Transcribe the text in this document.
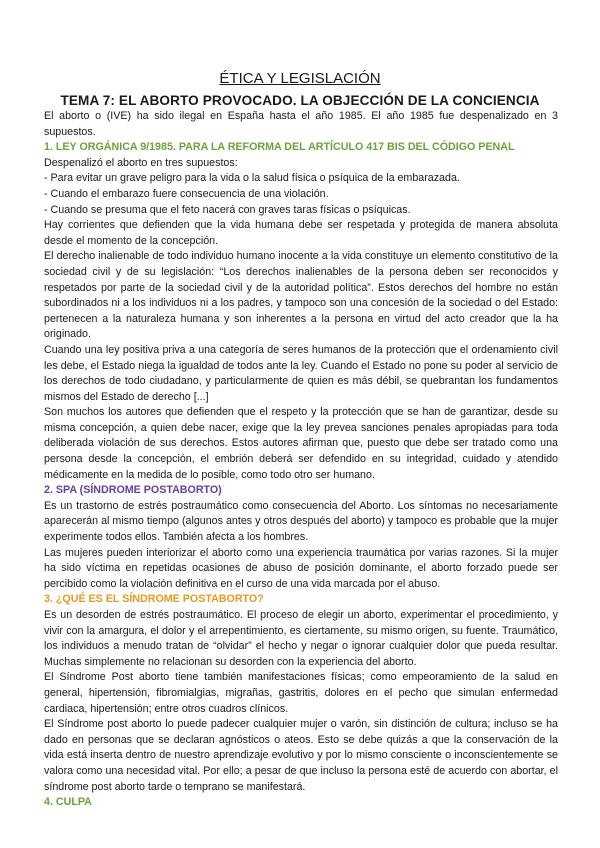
ÉTICA Y LEGISLACIÓN
TEMA 7: EL ABORTO PROVOCADO. LA OBJECCIÓN DE LA CONCIENCIA

El aborto o (IVE) ha sido ilegal en España hasta el año 1985. El año 1985 fue despenalizado en 3 supuestos.

1. LEY ORGÁNICA 9/1985. PARA LA REFORMA DEL ARTÍCULO 417 BIS DEL CÓDIGO PENAL

Despenalizó el aborto en tres supuestos:

- Para evitar un grave peligro para la vida o la salud física o psíquica de la embarazada.

- Cuando el embarazo fuere consecuencia de una violación.

- Cuando se presuma que el feto nacerá con graves taras físicas o psíquicas.

Hay corrientes que defienden que la vida humana debe ser respetada y protegida de manera absoluta desde el momento de la concepción.

El derecho inalienable de todo individuo humano inocente a la vida constituye un elemento constitutivo de la sociedad civil y de su legislación: “Los derechos inalienables de la persona deben ser reconocidos y respetados por parte de la sociedad civil y de la autoridad política”. Estos derechos del hombre no están subordinados ni a los individuos ni a los padres, y tampoco son una concesión de la sociedad o del Estado: pertenecen a la naturaleza humana y son inherentes a la persona en virtud del acto creador que la ha originado.

Cuando una ley positiva priva a una categoría de seres humanos de la protección que el ordenamiento civil les debe, el Estado niega la igualdad de todos ante la ley. Cuando el Estado no pone su poder al servicio de los derechos de todo ciudadano, y particularmente de quien es más débil, se quebrantan los fundamentos mismos del Estado de derecho [...]

Son muchos los autores que defienden que el respeto y la protección que se han de garantizar, desde su misma concepción, a quien debe nacer, exige que la ley prevea sanciones penales apropiadas para toda deliberada violación de sus derechos. Estos autores afirman que, puesto que debe ser tratado como una persona desde la concepción, el embrión deberá ser defendido en su integridad, cuidado y atendido médicamente en la medida de lo posible, como todo otro ser humano.

2. SPA (SÍNDROME POSTABORTO)

Es un trastorno de estrés postraumático como consecuencia del Aborto. Los síntomas no necesariamente aparecerán al mismo tiempo (algunos antes y otros después del aborto) y tampoco es probable que la mujer experimente todos ellos. También afecta a los hombres.

Las mujeres pueden interiorizar el aborto como una experiencia traumática por varias razones. Si la mujer ha sido víctima en repetidas ocasiones de abuso de posición dominante, el aborto forzado puede ser percibido como la violación definitiva en el curso de una vida marcada por el abuso.

3. ¿QUÉ ES EL SÍNDROME POSTABORTO?

Es un desorden de estrés postraumático. El proceso de elegir un aborto, experimentar el procedimiento, y vivir con la amargura, el dolor y el arrepentimiento, es ciertamente, su mismo origen, su fuente. Traumático, los individuos a menudo tratan de “olvidar” el hecho y negar o ignorar cualquier dolor que pueda resultar. Muchas simplemente no relacionan su desorden con la experiencia del aborto.

El Síndrome Post aborto tiene también manifestaciones físicas; como empeoramiento de la salud en general, hipertensión, fibromialgias, migrañas, gastritis, dolores en el pecho que simulan enfermedad cardiaca, hipertensión; entre otros cuadros clínicos.

El Síndrome post aborto lo puede padecer cualquier mujer o varón, sin distinción de cultura; incluso se ha dado en personas que se declaran agnósticos o ateos. Esto se debe quizás a que la conservación de la vida está inserta dentro de nuestro aprendizaje evolutivo y por lo mismo consciente o inconscientemente se valora como una necesidad vital. Por ello; a pesar de que incluso la persona esté de acuerdo con abortar, el síndrome post aborto tarde o temprano se manifestará.

4. CULPA
